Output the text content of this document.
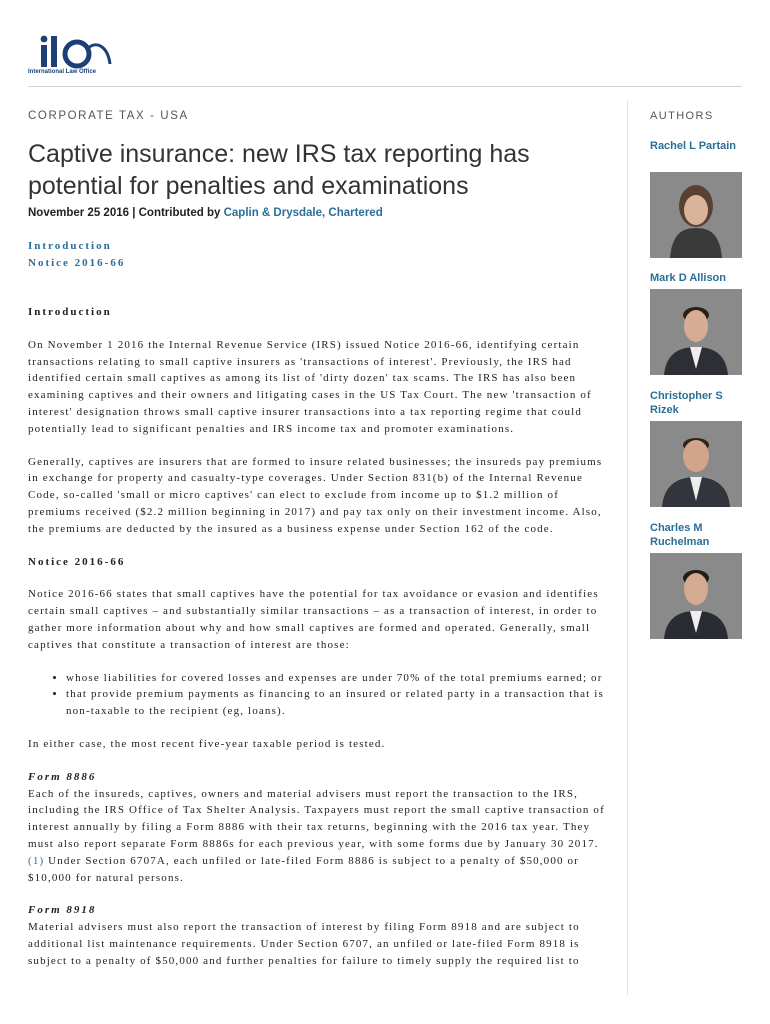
International Law Office
CORPORATE TAX - USA
Captive insurance: new IRS tax reporting has potential for penalties and examinations
November 25 2016 | Contributed by Caplin & Drysdale, Chartered
Introduction
Notice 2016-66
Introduction

On November 1 2016 the Internal Revenue Service (IRS) issued Notice 2016-66, identifying certain transactions relating to small captive insurers as 'transactions of interest'. Previously, the IRS had identified certain small captives as among its list of 'dirty dozen' tax scams. The IRS has also been examining captives and their owners and litigating cases in the US Tax Court. The new 'transaction of interest' designation throws small captive insurer transactions into a tax reporting regime that could potentially lead to significant penalties and IRS income tax and promoter examinations.

Generally, captives are insurers that are formed to insure related businesses; the insureds pay premiums in exchange for property and casualty-type coverages. Under Section 831(b) of the Internal Revenue Code, so-called 'small or micro captives' can elect to exclude from income up to $1.2 million of premiums received ($2.2 million beginning in 2017) and pay tax only on their investment income. Also, the premiums are deducted by the insured as a business expense under Section 162 of the code.

Notice 2016-66

Notice 2016-66 states that small captives have the potential for tax avoidance or evasion and identifies certain small captives – and substantially similar transactions – as a transaction of interest, in order to gather more information about why and how small captives are formed and operated. Generally, small captives that constitute a transaction of interest are those:

• whose liabilities for covered losses and expenses are under 70% of the total premiums earned; or
• that provide premium payments as financing to an insured or related party in a transaction that is non-taxable to the recipient (eg, loans).

In either case, the most recent five-year taxable period is tested.

Form 8886

Each of the insureds, captives, owners and material advisers must report the transaction to the IRS, including the IRS Office of Tax Shelter Analysis. Taxpayers must report the small captive transaction of interest annually by filing a Form 8886 with their tax returns, beginning with the 2016 tax year. They must also report separate Form 8886s for each previous year, with some forms due by January 30 2017.(1) Under Section 6707A, each unfiled or late-filed Form 8886 is subject to a penalty of $50,000 or $10,000 for natural persons.

Form 8918

Material advisers must also report the transaction of interest by filing Form 8918 and are subject to additional list maintenance requirements. Under Section 6707, an unfiled or late-filed Form 8918 is subject to a penalty of $50,000 and further penalties for failure to timely supply the required list to

AUTHORS
Rachel L Partain
Mark D Allison
Christopher S Rizek
Charles M Ruchelman
